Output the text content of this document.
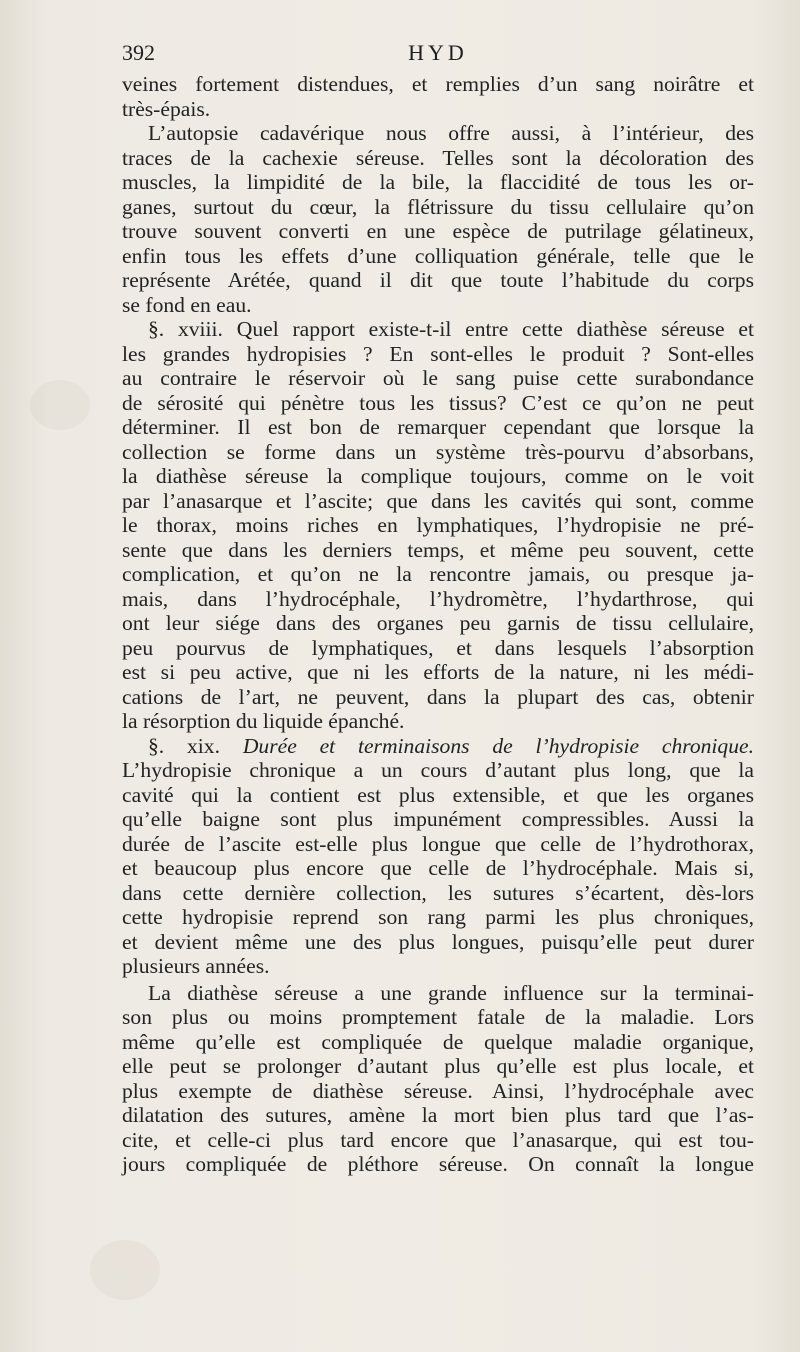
392	HYD
veines fortement distendues, et remplies d’un sang noirâtre et
très-épais.
L’autopsie cadavérique nous offre aussi, à l’intérieur, des
traces de la cachexie séreuse. Telles sont la décoloration des
muscles, la limpidité de la bile, la flaccidité de tous les or-
ganes, surtout du cœur, la flétrissure du tissu cellulaire qu’on
trouve souvent converti en une espèce de putrilage gélatineux,
enfin tous les effets d’une colliquation générale, telle que le
représente Arétée, quand il dit que toute l’habitude du corps
se fond en eau.
§. xviii. Quel rapport existe-t-il entre cette diathèse séreuse et
les grandes hydropisies ? En sont-elles le produit ? Sont-elles
au contraire le réservoir où le sang puise cette surabondance
de sérosité qui pénètre tous les tissus? C’est ce qu’on ne peut
déterminer. Il est bon de remarquer cependant que lorsque la
collection se forme dans un système très-pourvu d’absorbans,
la diathèse séreuse la complique toujours, comme on le voit
par l’anasarque et l’ascite; que dans les cavités qui sont, comme
le thorax, moins riches en lymphatiques, l’hydropisie ne pré-
sente que dans les derniers temps, et même peu souvent, cette
complication, et qu’on ne la rencontre jamais, ou presque ja-
mais, dans l’hydrocéphale, l’hydromètre, l’hydarthrose, qui
ont leur siége dans des organes peu garnis de tissu cellulaire,
peu pourvus de lymphatiques, et dans lesquels l’absorption
est si peu active, que ni les efforts de la nature, ni les médi-
cations de l’art, ne peuvent, dans la plupart des cas, obtenir
la résorption du liquide épanché.
§. xix. Durée et terminaisons de l’hydropisie chronique.
L’hydropisie chronique a un cours d’autant plus long, que la
cavité qui la contient est plus extensible, et que les organes
qu’elle baigne sont plus impunément compressibles. Aussi la
durée de l’ascite est-elle plus longue que celle de l’hydrothorax,
et beaucoup plus encore que celle de l’hydrocéphale. Mais si,
dans cette dernière collection, les sutures s’écartent, dès-lors
cette hydropisie reprend son rang parmi les plus chroniques,
et devient même une des plus longues, puisqu’elle peut durer
plusieurs années.
La diathèse séreuse a une grande influence sur la terminai-
son plus ou moins promptement fatale de la maladie. Lors
même qu’elle est compliquée de quelque maladie organique,
elle peut se prolonger d’autant plus qu’elle est plus locale, et
plus exempte de diathèse séreuse. Ainsi, l’hydrocéphale avec
dilatation des sutures, amène la mort bien plus tard que l’as-
cite, et celle-ci plus tard encore que l’anasarque, qui est tou-
jours compliquée de pléthore séreuse. On connaît la longue
